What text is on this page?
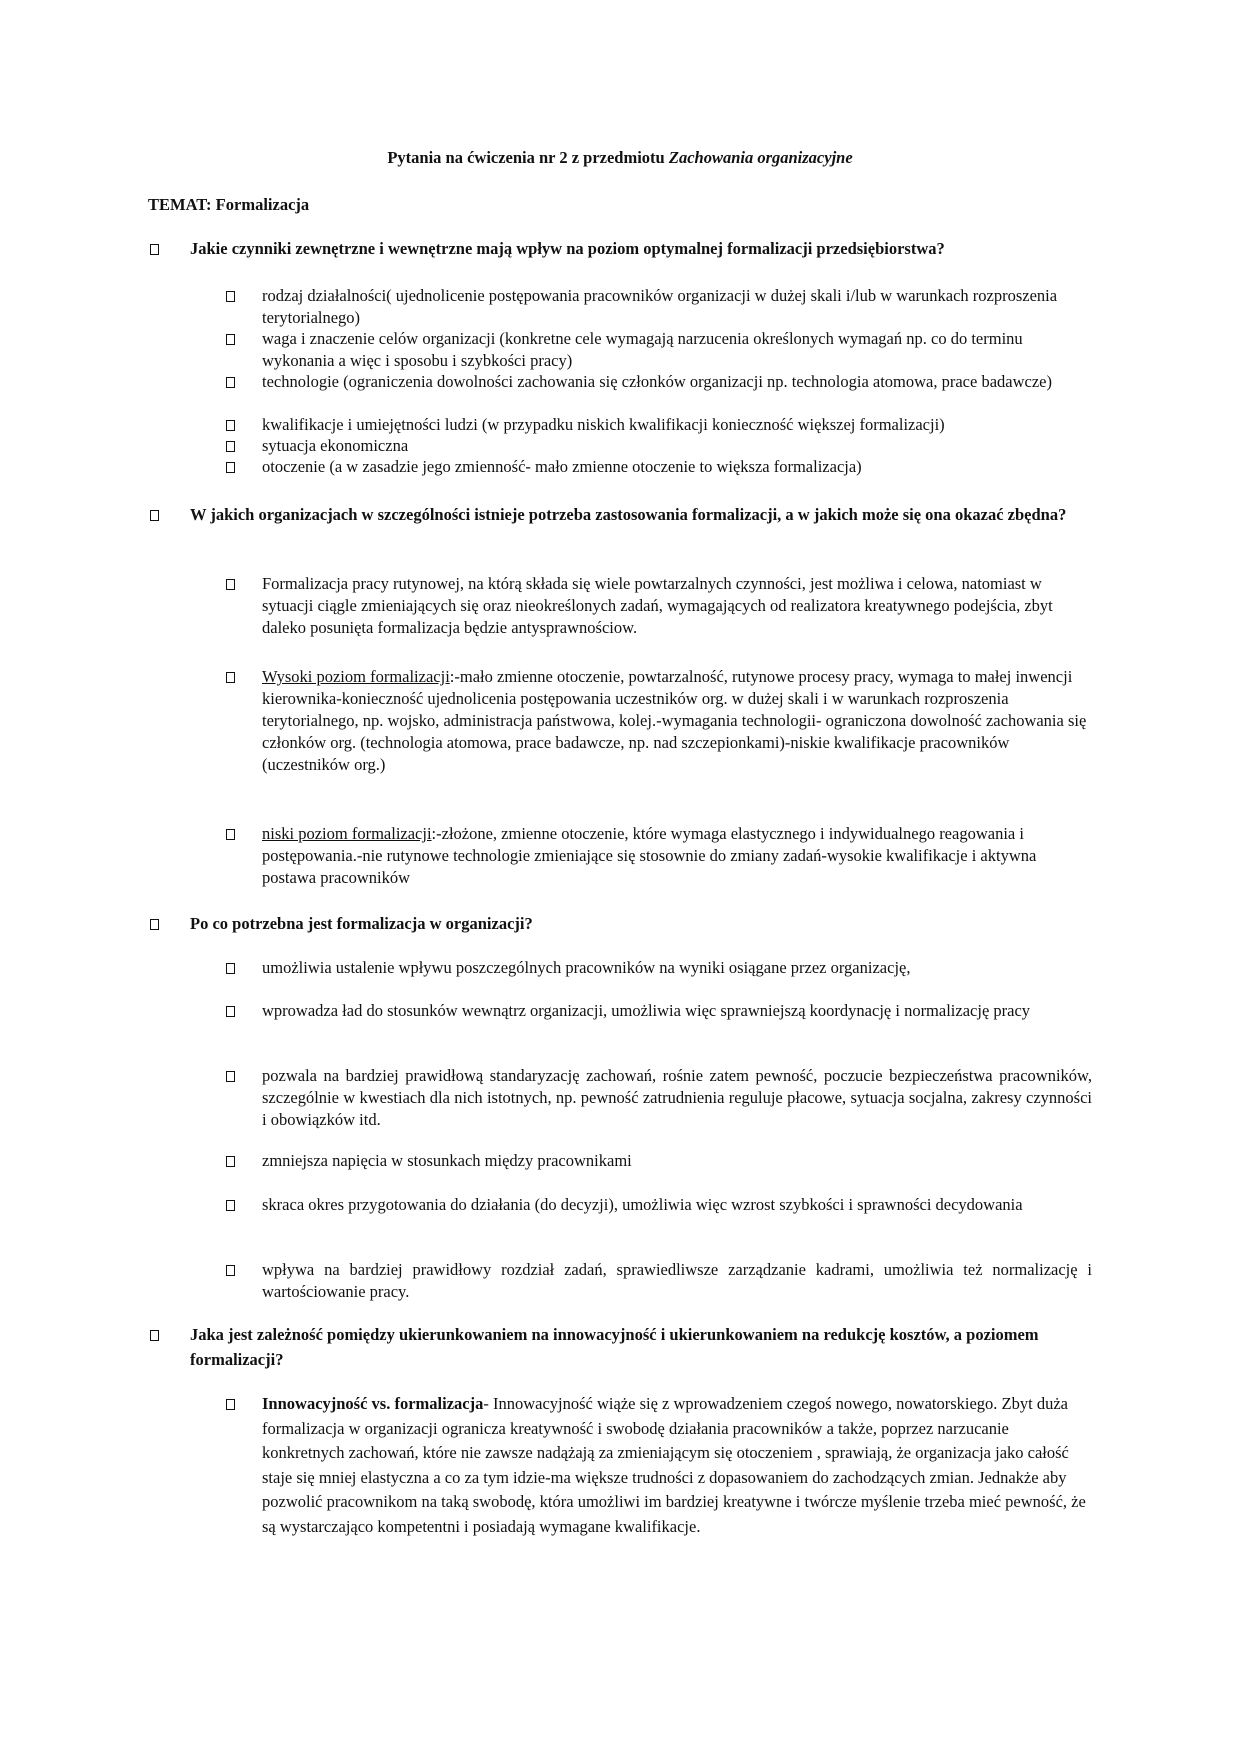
Pytania na ćwiczenia nr 2 z przedmiotu Zachowania organizacyjne
TEMAT: Formalizacja
Jakie czynniki zewnętrzne i wewnętrzne mają wpływ na poziom optymalnej formalizacji przedsiębiorstwa?
rodzaj działalności( ujednolicenie postępowania pracowników organizacji w dużej skali i/lub w warunkach rozproszenia terytorialnego)
waga i znaczenie celów organizacji (konkretne cele wymagają narzucenia określonych wymagań np. co do terminu wykonania a więc i sposobu i szybkości pracy)
technologie (ograniczenia dowolności zachowania się członków organizacji np. technologia atomowa, prace badawcze)
kwalifikacje i umiejętności ludzi (w przypadku niskich kwalifikacji konieczność większej formalizacji)
sytuacja ekonomiczna
otoczenie (a w zasadzie jego zmienność- mało zmienne otoczenie to większa formalizacja)
W jakich organizacjach w szczególności istnieje potrzeba zastosowania formalizacji, a w jakich może się ona okazać zbędna?
Formalizacja pracy rutynowej, na którą składa się wiele powtarzalnych czynności, jest możliwa i celowa, natomiast w sytuacji ciągle zmieniających się oraz nieokreślonych zadań, wymagających od realizatora kreatywnego podejścia, zbyt daleko posunięta formalizacja będzie antysprawnościow.
Wysoki poziom formalizacji:-mało zmienne otoczenie, powtarzalność, rutynowe procesy pracy, wymaga to małej inwencji kierownika-konieczność ujednolicenia postępowania uczestników org. w dużej skali i w warunkach rozproszenia terytorialnego, np. wojsko, administracja państwowa, kolej.-wymagania technologii- ograniczona dowolność zachowania się członków org. (technologia atomowa, prace badawcze, np. nad szczepionkami)-niskie kwalifikacje pracowników (uczestników org.)
niski poziom formalizacji:-złożone, zmienne otoczenie, które wymaga elastycznego i indywidualnego reagowania i postępowania.-nie rutynowe technologie zmieniające się stosownie do zmiany zadań-wysokie kwalifikacje i aktywna postawa pracowników
Po co potrzebna jest formalizacja w organizacji?
umożliwia ustalenie wpływu poszczególnych pracowników na wyniki osiągane przez organizację,
wprowadza ład do stosunków wewnątrz organizacji, umożliwia więc sprawniejszą koordynację i normalizację pracy
pozwala na bardziej prawidłową standaryzację zachowań, rośnie zatem pewność, poczucie bezpieczeństwa pracowników, szczególnie w kwestiach dla nich istotnych, np. pewność zatrudnienia reguluje płacowe, sytuacja socjalna, zakresy czynności i obowiązków itd.
zmniejsza napięcia w stosunkach między pracownikami
skraca okres przygotowania do działania (do decyzji), umożliwia więc wzrost szybkości i sprawności decydowania
wpływa na bardziej prawidłowy rozdział zadań, sprawiedliwsze zarządzanie kadrami, umożliwia też normalizację i wartościowanie pracy.
Jaka jest zależność pomiędzy ukierunkowaniem na innowacyjność i ukierunkowaniem na redukcję kosztów, a poziomem formalizacji?
Innowacyjność vs. formalizacja- Innowacyjność wiąże się z wprowadzeniem czegoś nowego, nowatorskiego. Zbyt duża formalizacja w organizacji ogranicza kreatywność i swobodę działania pracowników a także, poprzez narzucanie konkretnych zachowań, które nie zawsze nadążają za zmieniającym się otoczeniem , sprawiają, że organizacja jako całość staje się mniej elastyczna a co za tym idzie-ma większe trudności z dopasowaniem do zachodzących zmian. Jednakże aby pozwolić pracownikom na taką swobodę, która umożliwi im bardziej kreatywne i twórcze myślenie trzeba mieć pewność, że są wystarczająco kompetentni i posiadają wymagane kwalifikacje.
